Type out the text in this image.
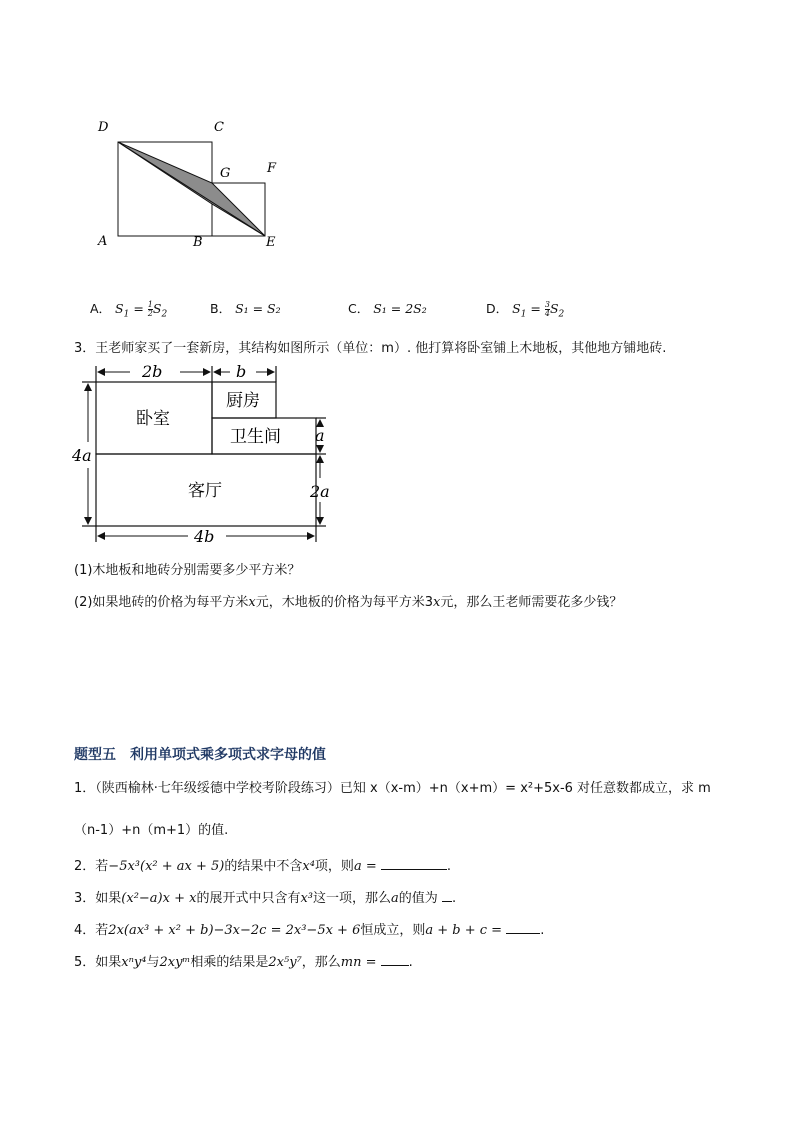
D	C
G	F
A	B	E
A． $S_1 = \frac{1}{2} S_2$	B． S₁ = S₂	C． S₁ = 2S₂	D． $S_1 = \frac{3}{4} S_2$
3．王老师家买了一套新房，其结构如图所示（单位：m）. 他打算将卧室铺上木地板，其他地方铺地砖.
2b	b
4a
a
2a
4b
卧室
厨房
卫生间
客厅
(1)木地板和地砖分别需要多少平方米？
(2)如果地砖的价格为每平方米x元，木地板的价格为每平方米3x元，那么王老师需要花多少钱？
题型五　利用单项式乘多项式求字母的值
1．（陕西榆林·七年级绥德中学校考阶段练习）已知 x（x-m）+n（x+m）= x²+5x-6 对任意数都成立，求 m
（n-1）+n（m+1）的值.
2．若−5x³(x² + ax + 5)的结果中不含x⁴项，则a =	.
3．如果(x²−a)x + x的展开式中只含有x³这一项，那么a的值为 .
4．若2x(ax³ + x² + b)−3x−2c = 2x³−5x + 6恒成立，则a + b + c =	.
5．如果xⁿy⁴与2xyᵐ相乘的结果是2x⁵y⁷，那么mn = .
